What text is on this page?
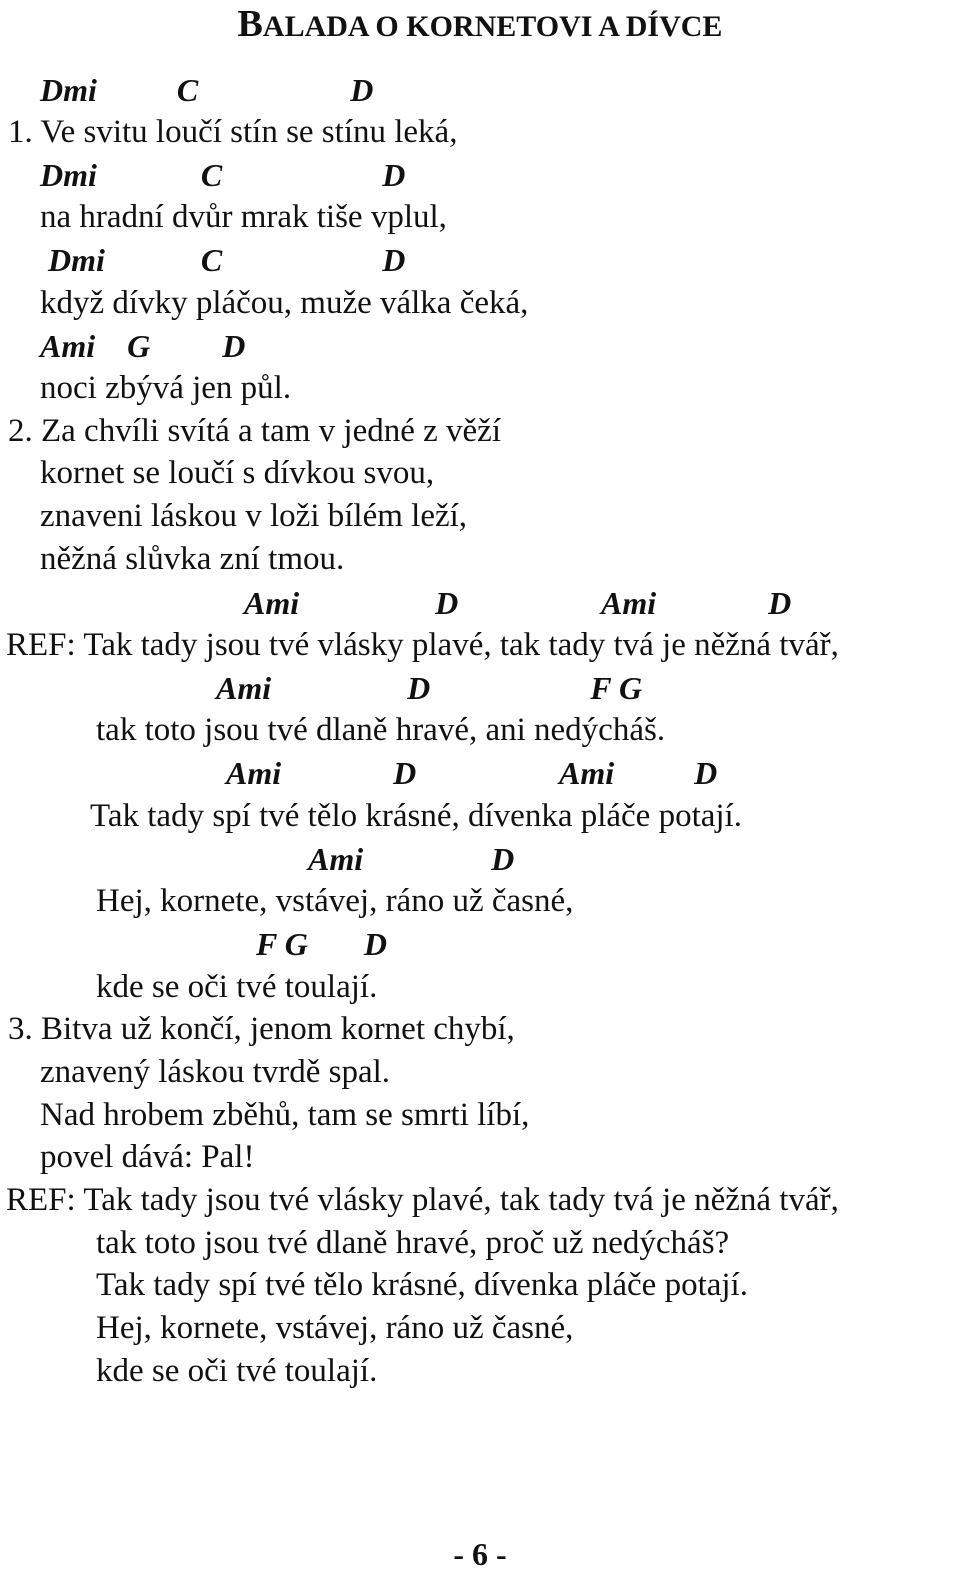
BALADA O KORNETOVI A DÍVCE
Dmi          C                   D
1. Ve svitu loučí stín se stínu leká,
Dmi             C                    D
na hradní dvůr mrak tiše vplul,
Dmi            C                    D
když dívky pláčou, muže válka čeká,
Ami    G         D
noci zbývá jen půl.
2. Za chvíli svítá a tam v jedné z věží
kornet se loučí s dívkou svou,
znaveni láskou v loži bílém leží,
něžná slůvka zní tmou.
Ami                 D                  Ami              D
REF: Tak tady jsou tvé vlásky plavé, tak tady tvá je něžná tvář,
Ami                 D                    F G
tak toto jsou tvé dlaně hravé, ani nedýcháš.
Ami              D                  Ami          D
Tak tady spí tvé tělo krásné, dívenka pláče potají.
Ami                D
Hej, kornete, vstávej, ráno už časné,
F G       D
kde se oči tvé toulají.
3. Bitva už končí, jenom kornet chybí,
znavený láskou tvrdě spal.
Nad hrobem zběhů, tam se smrti líbí,
povel dává: Pal!
REF: Tak tady jsou tvé vlásky plavé, tak tady tvá je něžná tvář,
tak toto jsou tvé dlaně hravé, proč už nedýcháš?
Tak tady spí tvé tělo krásné, dívenka pláče potají.
Hej, kornete, vstávej, ráno už časné,
kde se oči tvé toulají.
- 6 -
